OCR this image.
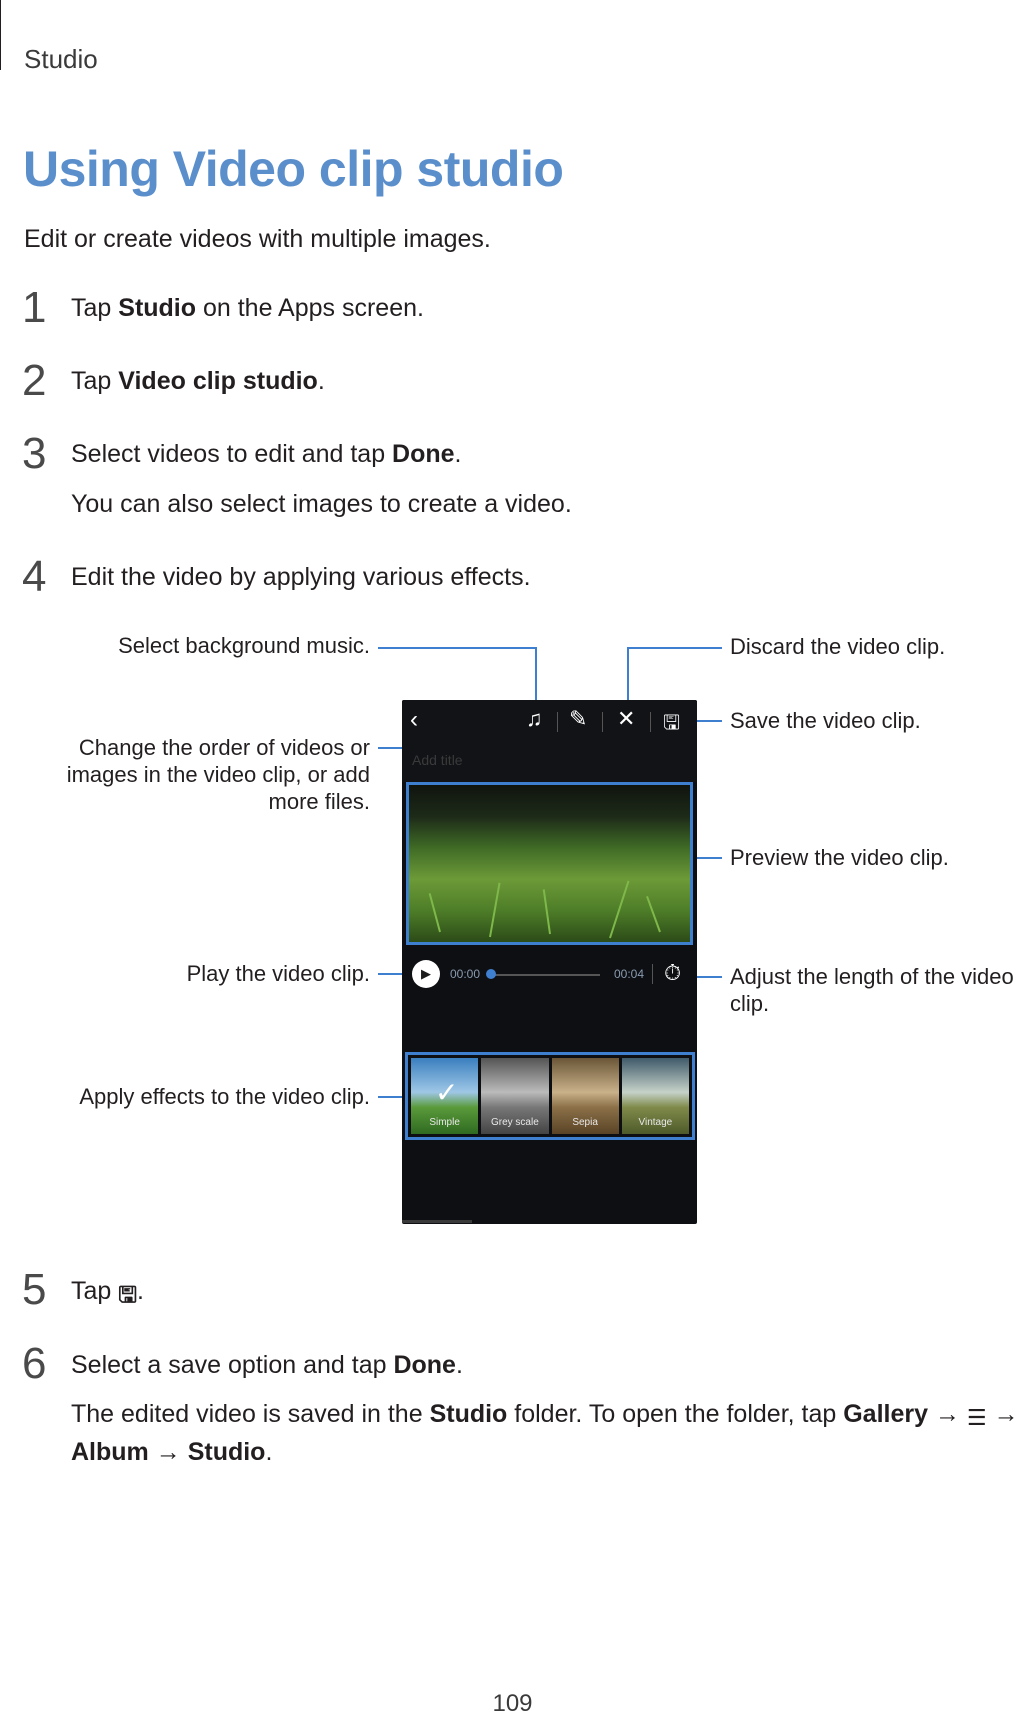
Studio
Using Video clip studio
Edit or create videos with multiple images.
1 Tap Studio on the Apps screen.
2 Tap Video clip studio.
3 Select videos to edit and tap Done.
You can also select images to create a video.
4 Edit the video by applying various effects.
Select background music.	Discard the video clip.
Save the video clip.
Change the order of videos or
images in the video clip, or add
more files.
Preview the video clip.
Play the video clip.	Adjust the length of the video
clip.
Apply effects to the video clip.
‹	♫ ✎ ✕ 🖫
Add title
▶	00:00	00:04 ⏱
✓
Simple	Grey scale	Sepia	Vintage
5 Tap 🖫.
6 Select a save option and tap Done.
The edited video is saved in the Studio folder. To open the folder, tap Gallery → ☰ →
Album → Studio.
109
